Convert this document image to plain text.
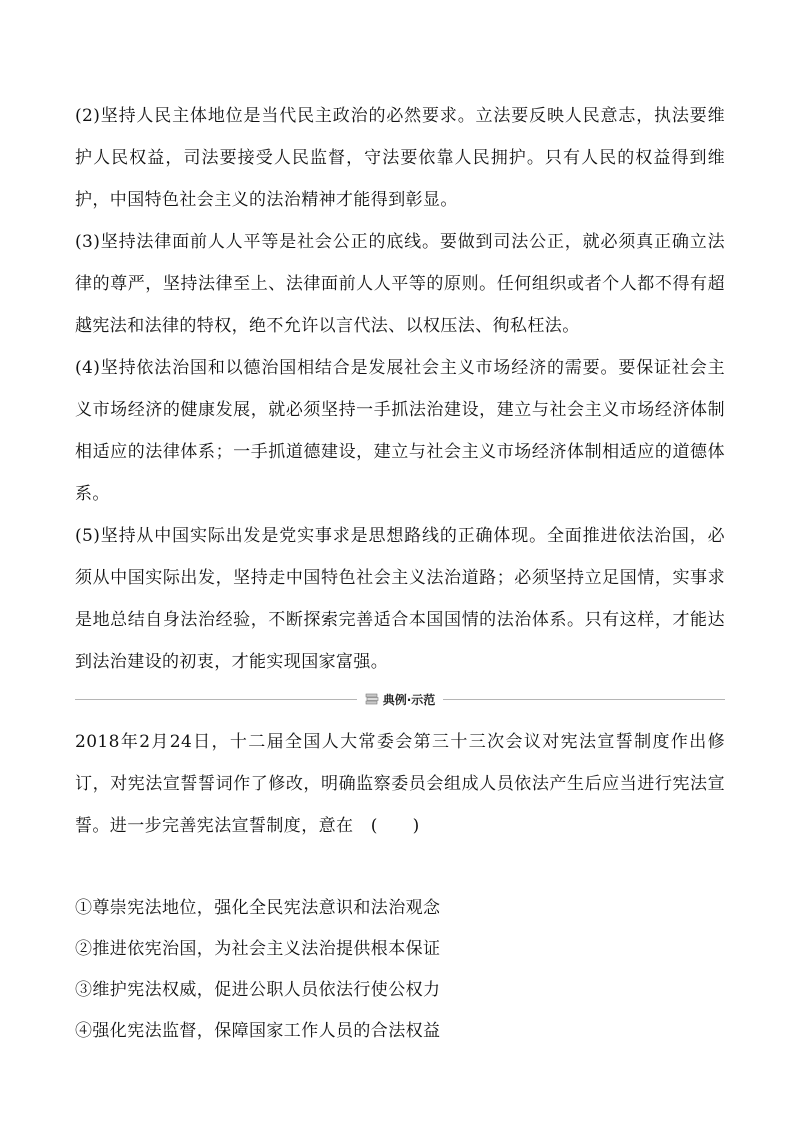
(2)坚持人民主体地位是当代民主政治的必然要求。立法要反映人民意志，执法要维护人民权益，司法要接受人民监督，守法要依靠人民拥护。只有人民的权益得到维护，中国特色社会主义的法治精神才能得到彰显。

(3)坚持法律面前人人平等是社会公正的底线。要做到司法公正，就必须真正确立法律的尊严，坚持法律至上、法律面前人人平等的原则。任何组织或者个人都不得有超越宪法和法律的特权，绝不允许以言代法、以权压法、徇私枉法。

(4)坚持依法治国和以德治国相结合是发展社会主义市场经济的需要。要保证社会主义市场经济的健康发展，就必须坚持一手抓法治建设，建立与社会主义市场经济体制相适应的法律体系；一手抓道德建设，建立与社会主义市场经济体制相适应的道德体系。

(5)坚持从中国实际出发是党实事求是思想路线的正确体现。全面推进依法治国，必须从中国实际出发，坚持走中国特色社会主义法治道路；必须坚持立足国情，实事求是地总结自身法治经验，不断探索完善适合本国国情的法治体系。只有这样，才能达到法治建设的初衷，才能实现国家富强。

典例·示范

2018年2月24日，十二届全国人大常委会第三十三次会议对宪法宣誓制度作出修订，对宪法宣誓誓词作了修改，明确监察委员会组成人员依法产生后应当进行宪法宣誓。进一步完善宪法宣誓制度，意在　(　　)

①尊崇宪法地位，强化全民宪法意识和法治观念

②推进依宪治国，为社会主义法治提供根本保证

③维护宪法权威，促进公职人员依法行使公权力

④强化宪法监督，保障国家工作人员的合法权益
